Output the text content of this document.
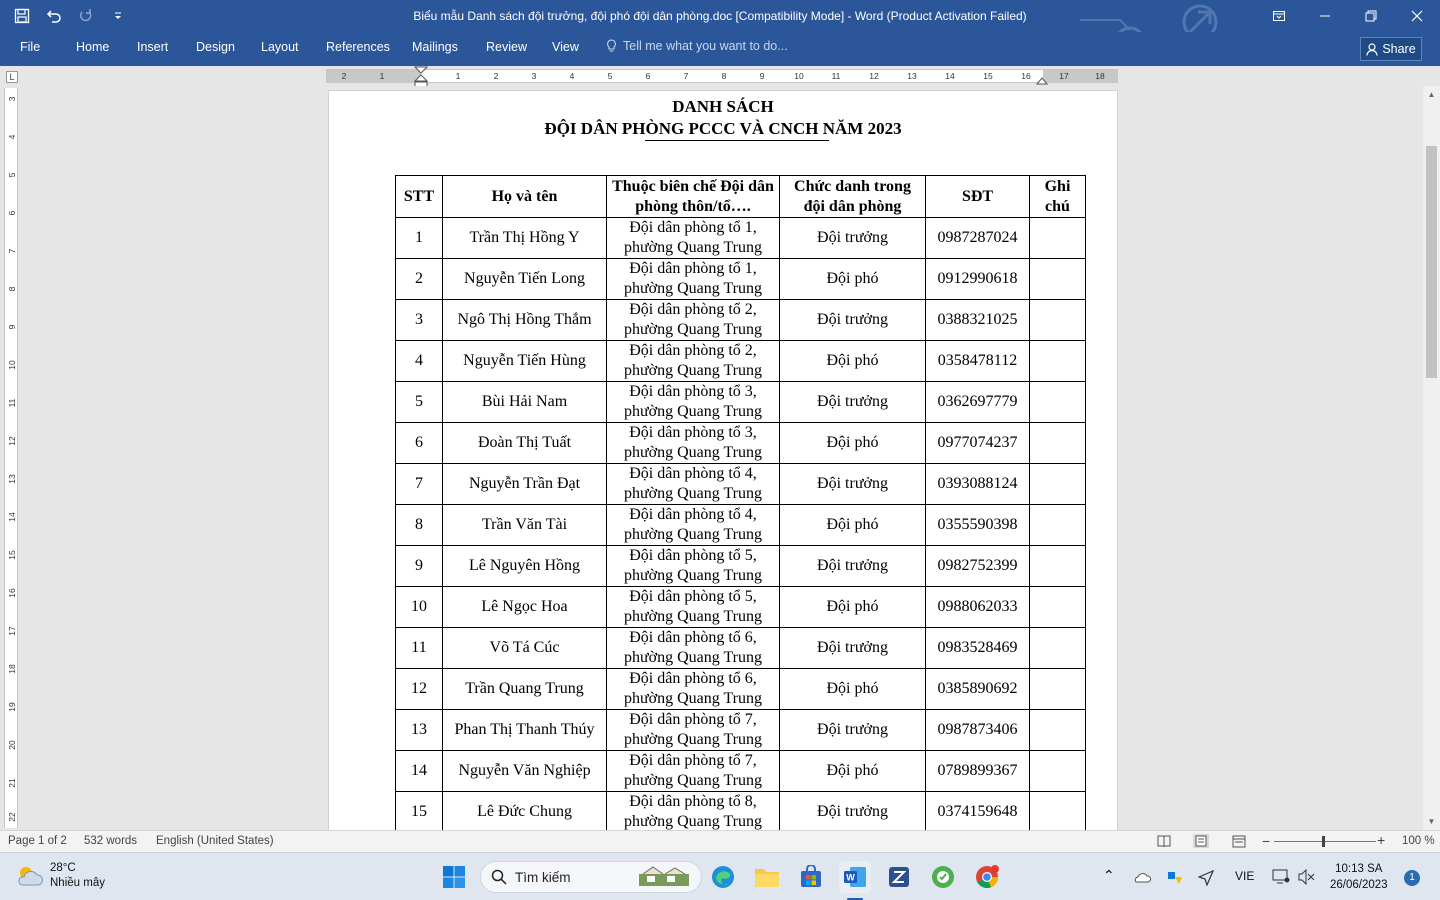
Biểu mẫu Danh sách đội trưởng, đội phó đội dân phòng.doc [Compatibility Mode] - Word (Product Activation Failed)
File	Home Insert Design Layout References Mailings Review View	Tell me what you want to do...	Share
L	2	1	1	2	3	4	5	6	7	8	9	10	11	12	13	14	15	16	17	18
3
4
5
6
7
8
9
10
11
12
13
14
15
16
17
18
19
20
21
22
DANH SÁCH
ĐỘI DÂN PHÒNG PCCC VÀ CNCH NĂM 2023
STT	Họ và tên	Thuộc biên chế Đội dân phòng thôn/tổ….	Chức danh trong đội dân phòng	SĐT	Ghi chú
1	Trần Thị Hồng Y	Đội dân phòng tổ 1, phường Quang Trung	Đội trưởng	0987287024	
2	Nguyễn Tiến Long	Đội dân phòng tổ 1, phường Quang Trung	Đội phó	0912990618	
3	Ngô Thị Hồng Thắm	Đội dân phòng tổ 2, phường Quang Trung	Đội trưởng	0388321025	
4	Nguyễn Tiến Hùng	Đội dân phòng tổ 2, phường Quang Trung	Đội phó	0358478112	
5	Bùi Hải Nam	Đội dân phòng tổ 3, phường Quang Trung	Đội trưởng	0362697779	
6	Đoàn Thị Tuất	Đội dân phòng tổ 3, phường Quang Trung	Đội phó	0977074237	
7	Nguyễn Trần Đạt	Đội dân phòng tổ 4, phường Quang Trung	Đội trưởng	0393088124	
8	Trần Văn Tài	Đội dân phòng tổ 4, phường Quang Trung	Đội phó	0355590398	
9	Lê Nguyên Hồng	Đội dân phòng tổ 5, phường Quang Trung	Đội trưởng	0982752399	
10	Lê Ngọc Hoa	Đội dân phòng tổ 5, phường Quang Trung	Đội phó	0988062033	
11	Võ Tá Cúc	Đội dân phòng tổ 6, phường Quang Trung	Đội trưởng	0983528469	
12	Trần Quang Trung	Đội dân phòng tổ 6, phường Quang Trung	Đội phó	0385890692	
13	Phan Thị Thanh Thúy	Đội dân phòng tổ 7, phường Quang Trung	Đội trưởng	0987873406	
14	Nguyễn Văn Nghiệp	Đội dân phòng tổ 7, phường Quang Trung	Đội phó	0789899367	
15	Lê Đức Chung	Đội dân phòng tổ 8, phường Quang Trung	Đội trưởng	0374159648	
▲
▼
Page 1 of 2 532 words English (United States)	−	+ 100 %
28°C
Nhiều mây	Tìm kiếm	W	⌃	VIE	10:13 SA
26/06/2023
1
